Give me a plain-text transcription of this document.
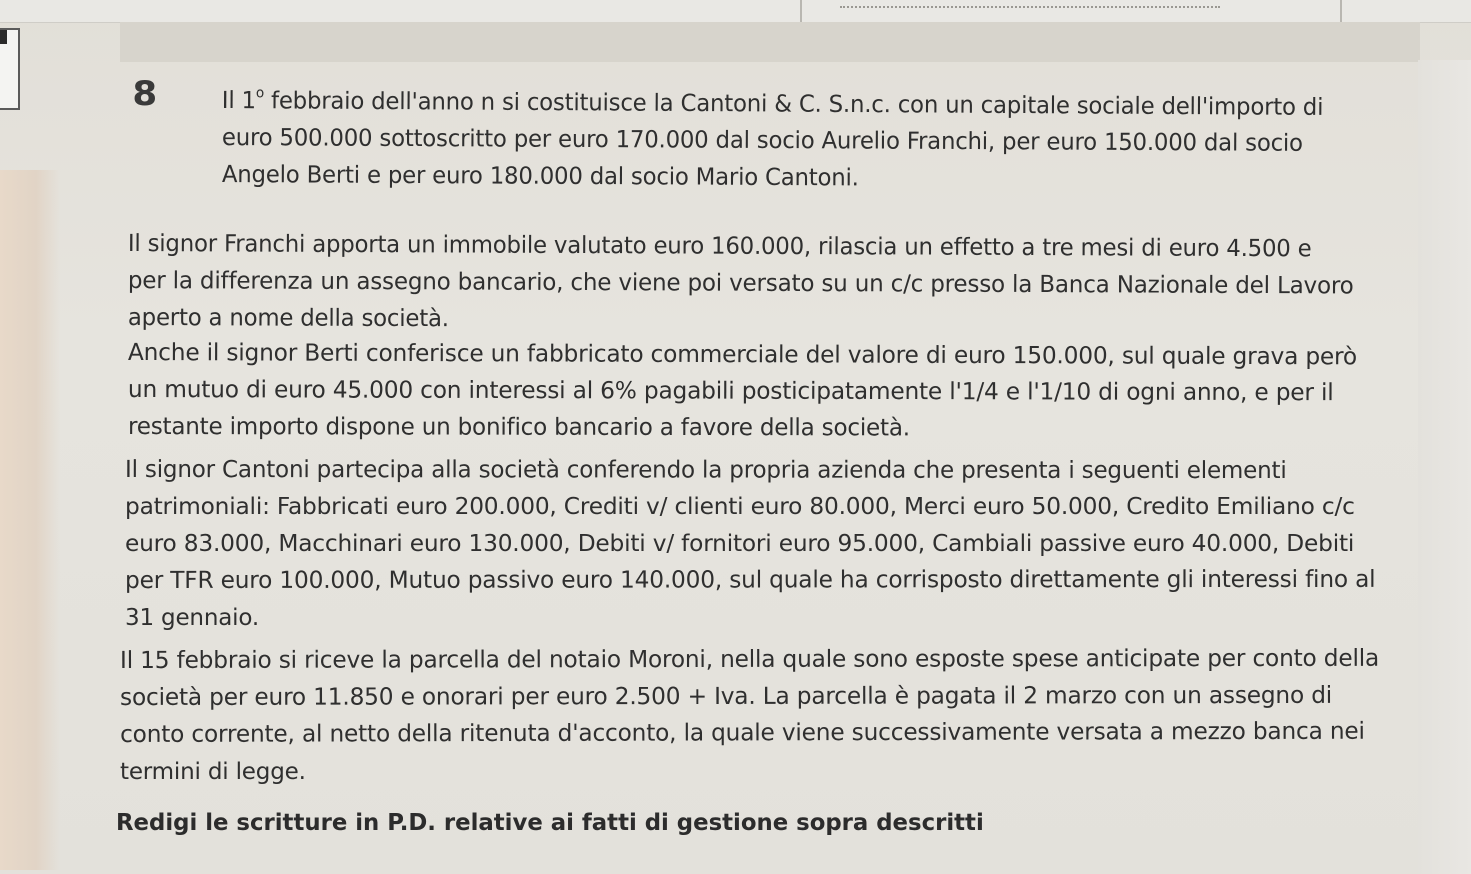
8	Il 1$^o$ febbraio dell'anno n si costituisce la Cantoni & C. S.n.c. con un capitale sociale dell'importo di
euro 500.000 sottoscritto per euro 170.000 dal socio Aurelio Franchi, per euro 150.000 dal socio
Angelo Berti e per euro 180.000 dal socio Mario Cantoni.
Il signor Franchi apporta un immobile valutato euro 160.000, rilascia un effetto a tre mesi di euro 4.500 e
per la differenza un assegno bancario, che viene poi versato su un c/c presso la Banca Nazionale del Lavoro
aperto a nome della società.
Anche il signor Berti conferisce un fabbricato commerciale del valore di euro 150.000, sul quale grava però
un mutuo di euro 45.000 con interessi al 6% pagabili posticipatamente l'1/4 e l'1/10 di ogni anno, e per il
restante importo dispone un bonifico bancario a favore della società.
Il signor Cantoni partecipa alla società conferendo la propria azienda che presenta i seguenti elementi
patrimoniali: Fabbricati euro 200.000, Crediti v/ clienti euro 80.000, Merci euro 50.000, Credito Emiliano c/c
euro 83.000, Macchinari euro 130.000, Debiti v/ fornitori euro 95.000, Cambiali passive euro 40.000, Debiti
per TFR euro 100.000, Mutuo passivo euro 140.000, sul quale ha corrisposto direttamente gli interessi fino al
31 gennaio.
Il 15 febbraio si riceve la parcella del notaio Moroni, nella quale sono esposte spese anticipate per conto della
società per euro 11.850 e onorari per euro 2.500 + Iva. La parcella è pagata il 2 marzo con un assegno di
conto corrente, al netto della ritenuta d'acconto, la quale viene successivamente versata a mezzo banca nei
termini di legge.
Redigi le scritture in P.D. relative ai fatti di gestione sopra descritti
